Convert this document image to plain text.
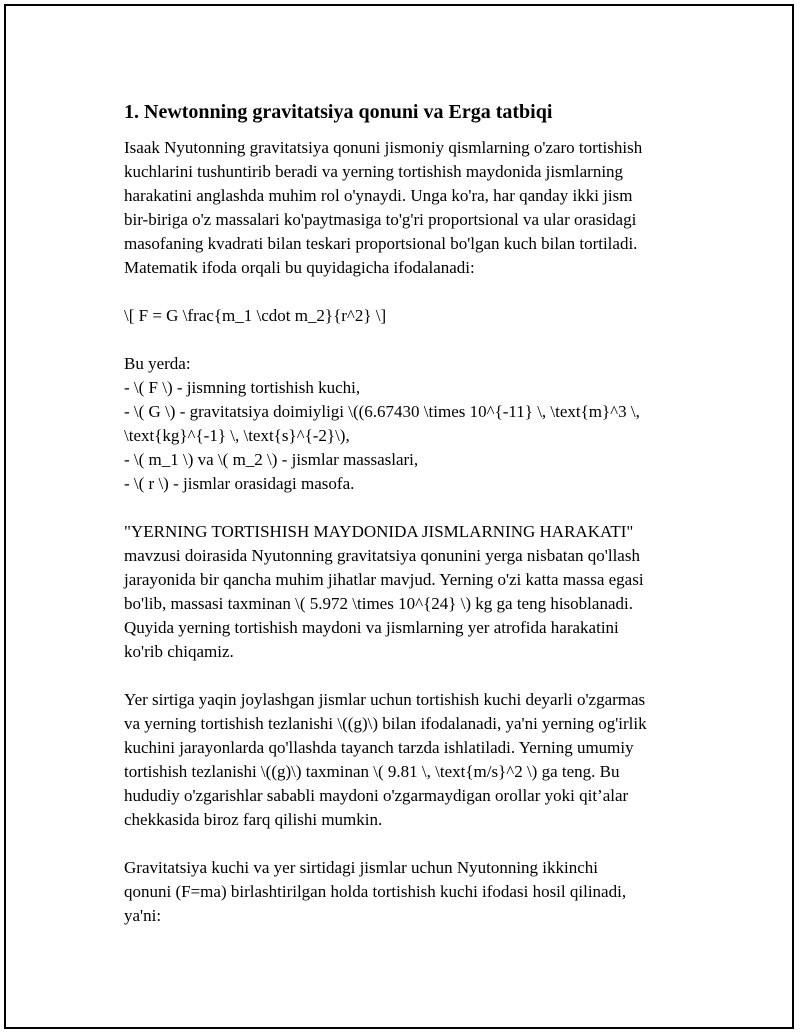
1. Newtonning gravitatsiya qonuni va Erga tatbiqi
Isaak Nyutonning gravitatsiya qonuni jismoniy qismlarning o'zaro tortishish
kuchlarini tushuntirib beradi va yerning tortishish maydonida jismlarning
harakatini anglashda muhim rol o'ynaydi. Unga ko'ra, har qanday ikki jism
bir-biriga o'z massalari ko'paytmasiga to'g'ri proportsional va ular orasidagi
masofaning kvadrati bilan teskari proportsional bo'lgan kuch bilan tortiladi.
Matematik ifoda orqali bu quyidagicha ifodalanadi:
\[ F = G \frac{m_1 \cdot m_2}{r^2} \]
Bu yerda:
- \( F \) - jismning tortishish kuchi,
- \( G \) - gravitatsiya doimiyligi \((6.67430 \times 10^{-11} \, \text{m}^3 \,
\text{kg}^{-1} \, \text{s}^{-2}\),
- \( m_1 \) va \( m_2 \) - jismlar massaslari,
- \( r \) - jismlar orasidagi masofa.
"YERNING TORTISHISH MAYDONIDA JISMLARNING HARAKATI"
mavzusi doirasida Nyutonning gravitatsiya qonunini yerga nisbatan qo'llash
jarayonida bir qancha muhim jihatlar mavjud. Yerning o'zi katta massa egasi
bo'lib, massasi taxminan \( 5.972 \times 10^{24} \) kg ga teng hisoblanadi.
Quyida yerning tortishish maydoni va jismlarning yer atrofida harakatini
ko'rib chiqamiz.
Yer sirtiga yaqin joylashgan jismlar uchun tortishish kuchi deyarli o'zgarmas
va yerning tortishish tezlanishi \((g)\) bilan ifodalanadi, ya'ni yerning og'irlik
kuchini jarayonlarda qo'llashda tayanch tarzda ishlatiladi. Yerning umumiy
tortishish tezlanishi \((g)\) taxminan \( 9.81 \, \text{m/s}^2 \) ga teng. Bu
hududiy o'zgarishlar sababli maydoni o'zgarmaydigan orollar yoki qit’alar
chekkasida biroz farq qilishi mumkin.
Gravitatsiya kuchi va yer sirtidagi jismlar uchun Nyutonning ikkinchi
qonuni (F=ma) birlashtirilgan holda tortishish kuchi ifodasi hosil qilinadi,
ya'ni:
